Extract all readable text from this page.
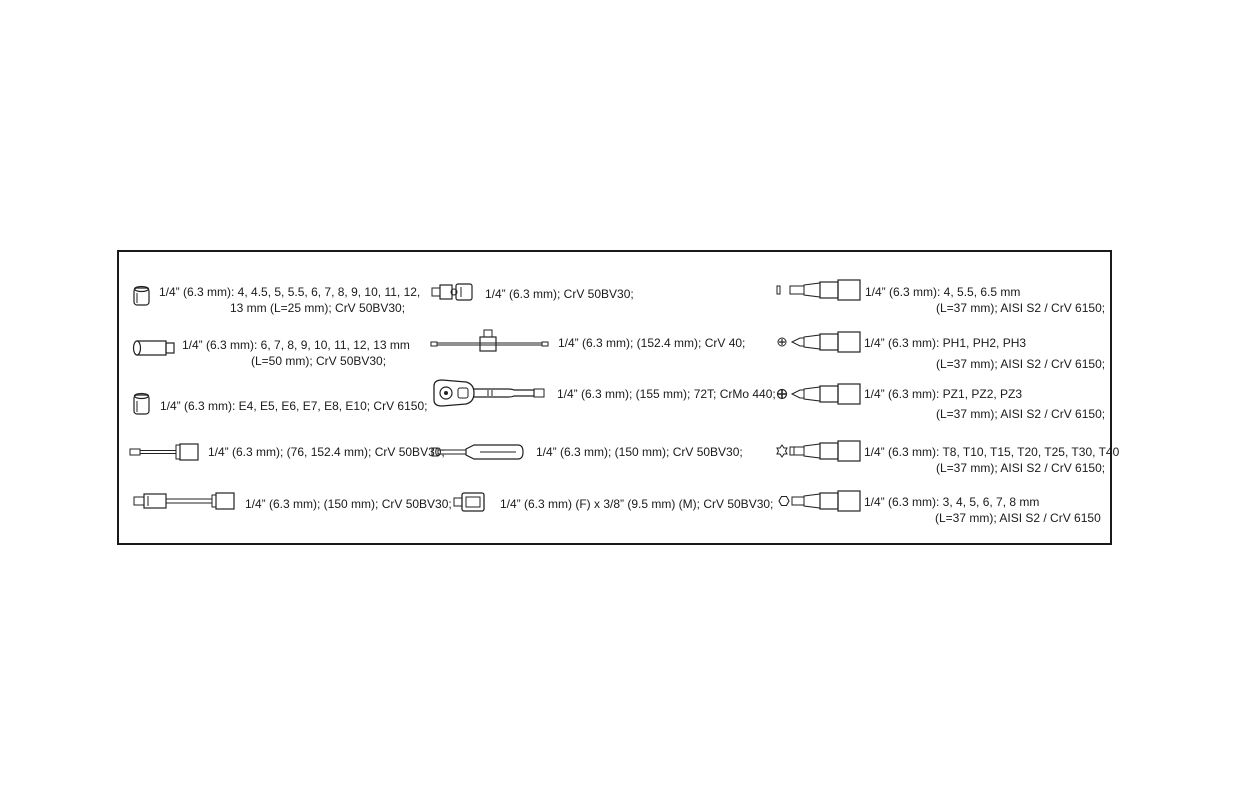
1/4” (6.3 mm): 4, 4.5, 5, 5.5, 6, 7, 8, 9, 10, 11, 12,
13 mm (L=25 mm); CrV 50BV30;
1/4” (6.3 mm): 6, 7, 8, 9, 10, 11, 12, 13 mm
(L=50 mm); CrV 50BV30;
1/4” (6.3 mm): E4, E5, E6, E7, E8, E10; CrV 6150;
1/4” (6.3 mm); (76, 152.4 mm); CrV 50BV30;
1/4” (6.3 mm); (150 mm); CrV 50BV30;
1/4” (6.3 mm); CrV 50BV30;
1/4” (6.3 mm); (152.4 mm); CrV 40;
1/4” (6.3 mm); (155 mm); 72T; CrMo 440;
1/4” (6.3 mm); (150 mm); CrV 50BV30;
1/4” (6.3 mm) (F) x 3/8” (9.5 mm) (M); CrV 50BV30;
1/4” (6.3 mm): 4, 5.5, 6.5 mm
(L=37 mm); AISI S2 / CrV 6150;
1/4” (6.3 mm): PH1, PH2, PH3
(L=37 mm); AISI S2 / CrV 6150;
1/4” (6.3 mm): PZ1, PZ2, PZ3
(L=37 mm); AISI S2 / CrV 6150;
1/4” (6.3 mm): T8, T10, T15, T20, T25, T30, T40
(L=37 mm); AISI S2 / CrV 6150;
1/4” (6.3 mm): 3, 4, 5, 6, 7, 8 mm
(L=37 mm); AISI S2 / CrV 6150
